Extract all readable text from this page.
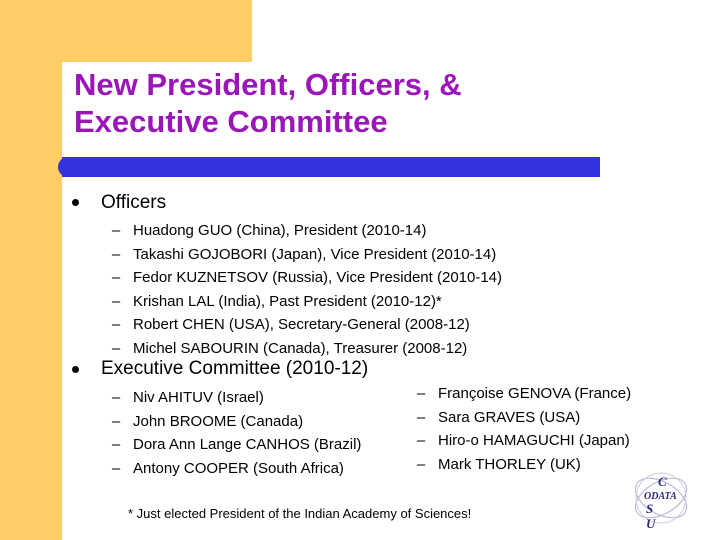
New President, Officers, &
Executive Committee
Officers
– Huadong GUO (China), President (2010-14)
– Takashi GOJOBORI (Japan), Vice President (2010-14)
– Fedor KUZNETSOV (Russia), Vice President (2010-14)
– Krishan LAL (India), Past President (2010-12)*
– Robert CHEN (USA), Secretary-General (2008-12)
– Michel SABOURIN (Canada), Treasurer (2008-12)
Executive Committee (2010-12)
– Niv AHITUV (Israel)
– John BROOME (Canada)
– Dora Ann Lange CANHOS (Brazil)
– Antony COOPER (South Africa)
– Françoise GENOVA (France)
– Sara GRAVES (USA)
– Hiro-o HAMAGUCHI (Japan)
– Mark THORLEY (UK)
* Just elected President of the Indian Academy of Sciences!
C
ODATA
S
U
